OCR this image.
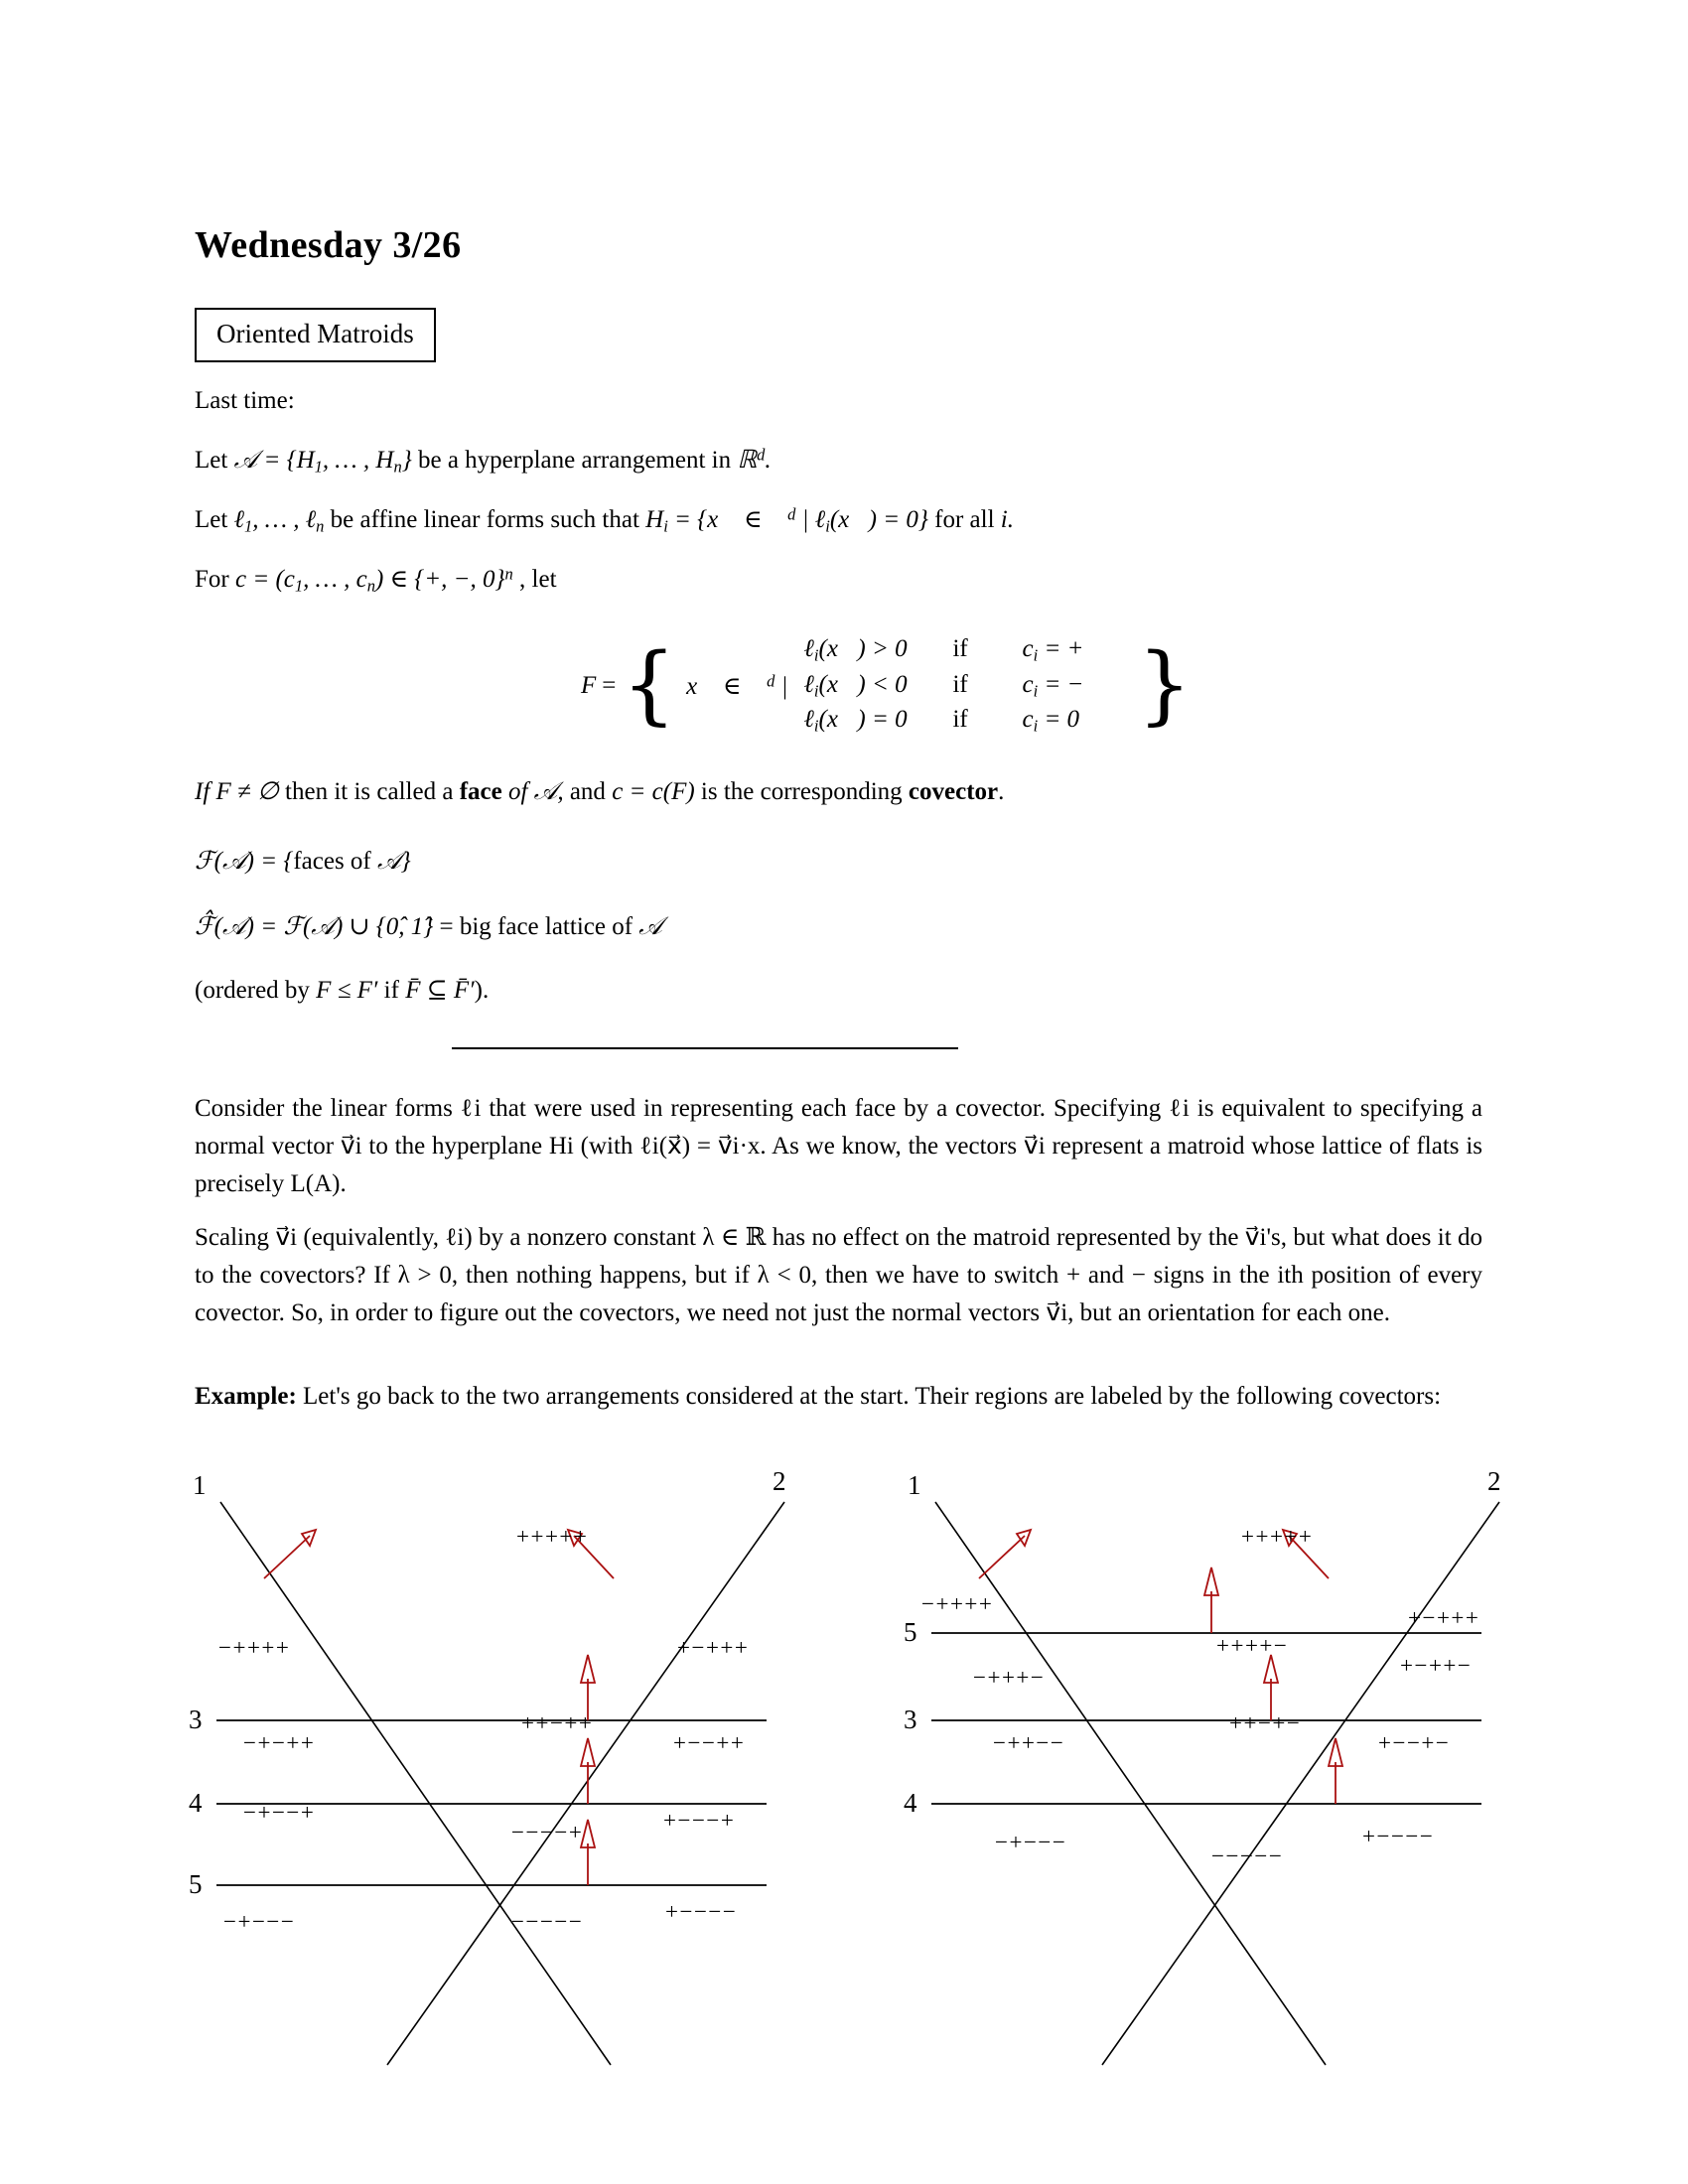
Wednesday 3/26
Oriented Matroids
Last time:
Let 𝒜 = {$H_1$, … , $H_n$} be a hyperplane arrangement in ℝ$^d$.
Let ℓ$_1$, … , ℓ$_n$ be affine linear forms such that $H_i$ = {x⃗ ∈ ℝ$^d$ | ℓ$_i$(x⃗) = 0} for all i.
For $c = (c_1$, … , $c_n$) ∈ {+, −, 0}$^n$ , let
F = { x⃗ ∈ ℝ$^d$ |
ℓ$_i$(x⃗) > 0	if	$c_i$ = +
ℓ$_i$(x⃗) < 0	if	$c_i$ = −
ℓ$_i$(x⃗) = 0	if	$c_i = 0$ }
If F ≠ ∅ then it is called a face of 𝒜, and c = c(F) is the corresponding covector.
ℱ(𝒜) = {faces of 𝒜}
ℱ̂(𝒜) = ℱ(𝒜) ∪ {0̂, 1̂} = big face lattice of 𝒜
(ordered by F ≤ F′ if F̄ ⊆ F̄′).
Consider the linear forms ℓi that were used in representing each face by a covector. Specifying ℓi is equivalent to specifying a normal vector v⃗i to the hyperplane Hi (with ℓi(x⃗) = v⃗i·x. As we know, the vectors v⃗i represent a matroid whose lattice of flats is precisely L(A).
Scaling v⃗i (equivalently, ℓi) by a nonzero constant λ ∈ ℝ has no effect on the matroid represented by the v⃗i's, but what does it do to the covectors? If λ > 0, then nothing happens, but if λ < 0, then we have to switch + and − signs in the ith position of every covector. So, in order to figure out the covectors, we need not just the normal vectors v⃗i, but an orientation for each one.
Example: Let's go back to the two arrangements considered at the start. Their regions are labeled by the following covectors:
1	2
3
4
5
+++++
−++++	+−+++
−+−++
++−++
+−−++
−+−−+
−−−−+	+−−−+
−+−−−	−−−−−	+−−−−
1	2
5
3
4
+++++
−++++
+−+++
++++−
−+++−	+−++−
++−+−
−++−−	+−−+−
−+−−−
−−−−−
+−−−−
